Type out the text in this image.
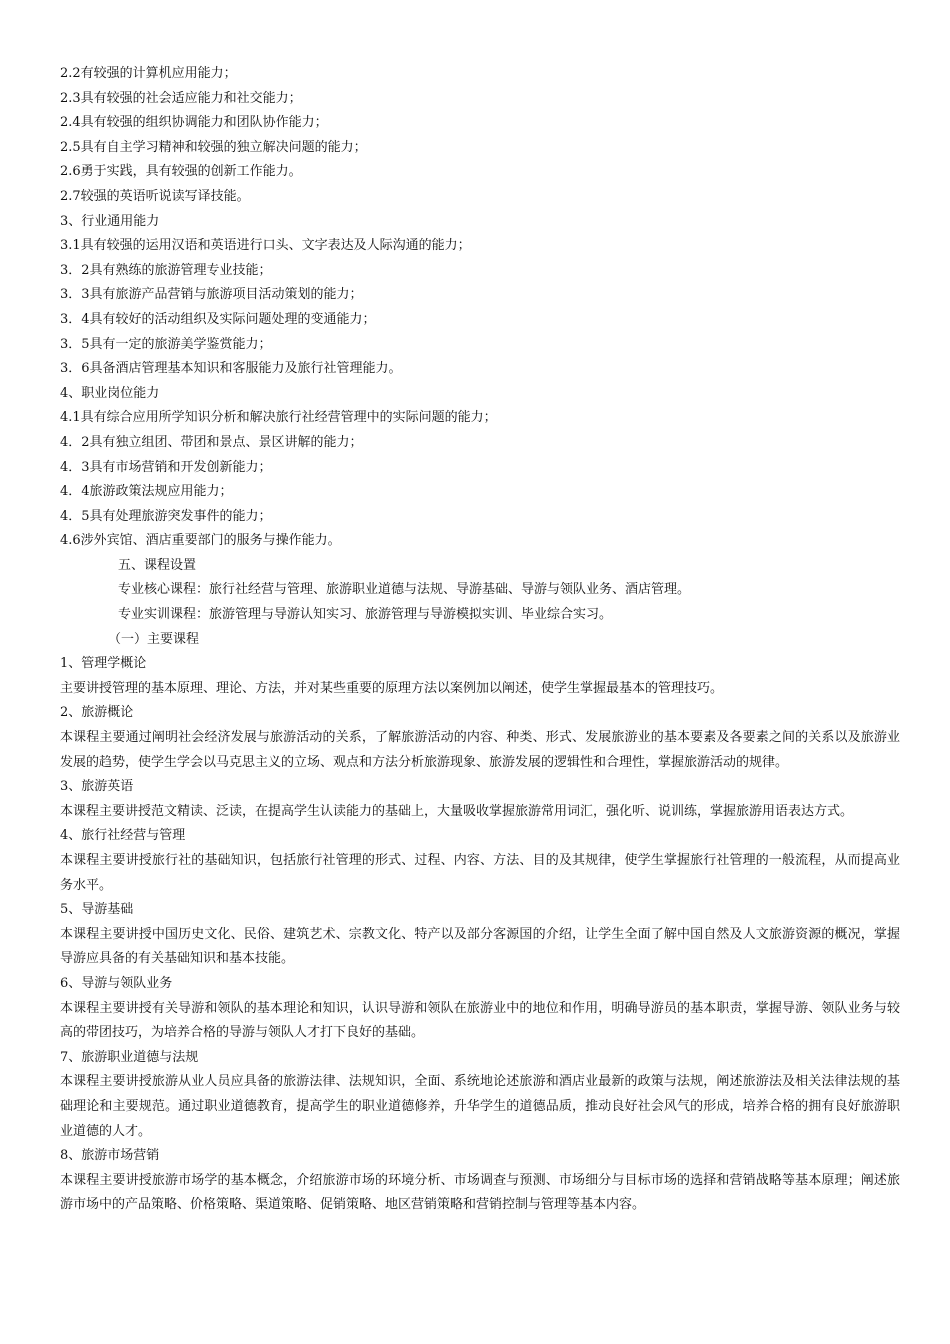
2.2有较强的计算机应用能力；

2.3具有较强的社会适应能力和社交能力；

2.4具有较强的组织协调能力和团队协作能力；

2.5具有自主学习精神和较强的独立解决问题的能力；

2.6勇于实践，具有较强的创新工作能力。

2.7较强的英语听说读写译技能。

3、行业通用能力

3.1具有较强的运用汉语和英语进行口头、文字表达及人际沟通的能力；

3．2具有熟练的旅游管理专业技能；

3．3具有旅游产品营销与旅游项目活动策划的能力；

3．4具有较好的活动组织及实际问题处理的变通能力；

3．5具有一定的旅游美学鉴赏能力；

3．6具备酒店管理基本知识和客服能力及旅行社管理能力。

4、职业岗位能力

4.1具有综合应用所学知识分析和解决旅行社经营管理中的实际问题的能力；

4．2具有独立组团、带团和景点、景区讲解的能力；

4．3具有市场营销和开发创新能力；

4．4旅游政策法规应用能力；

4．5具有处理旅游突发事件的能力；

4.6涉外宾馆、酒店重要部门的服务与操作能力。

五、课程设置

专业核心课程：旅行社经营与管理、旅游职业道德与法规、导游基础、导游与领队业务、酒店管理。

专业实训课程：旅游管理与导游认知实习、旅游管理与导游模拟实训、毕业综合实习。

（一）主要课程

1、管理学概论

主要讲授管理的基本原理、理论、方法，并对某些重要的原理方法以案例加以阐述，使学生掌握最基本的管理技巧。

2、旅游概论

本课程主要通过阐明社会经济发展与旅游活动的关系，了解旅游活动的内容、种类、形式、发展旅游业的基本要素及各要素之间的关系以及旅游业发展的趋势，使学生学会以马克思主义的立场、观点和方法分析旅游现象、旅游发展的逻辑性和合理性，掌握旅游活动的规律。

3、旅游英语

本课程主要讲授范文精读、泛读，在提高学生认读能力的基础上，大量吸收掌握旅游常用词汇，强化听、说训练，掌握旅游用语表达方式。

4、旅行社经营与管理

本课程主要讲授旅行社的基础知识，包括旅行社管理的形式、过程、内容、方法、目的及其规律，使学生掌握旅行社管理的一般流程，从而提高业务水平。

5、导游基础

本课程主要讲授中国历史文化、民俗、建筑艺术、宗教文化、特产以及部分客源国的介绍，让学生全面了解中国自然及人文旅游资源的概况，掌握导游应具备的有关基础知识和基本技能。

6、导游与领队业务

本课程主要讲授有关导游和领队的基本理论和知识，认识导游和领队在旅游业中的地位和作用，明确导游员的基本职责，掌握导游、领队业务与较高的带团技巧，为培养合格的导游与领队人才打下良好的基础。

7、旅游职业道德与法规

本课程主要讲授旅游从业人员应具备的旅游法律、法规知识，全面、系统地论述旅游和酒店业最新的政策与法规，阐述旅游法及相关法律法规的基础理论和主要规范。通过职业道德教育，提高学生的职业道德修养，升华学生的道德品质，推动良好社会风气的形成，培养合格的拥有良好旅游职业道德的人才。

8、旅游市场营销

本课程主要讲授旅游市场学的基本概念，介绍旅游市场的环境分析、市场调查与预测、市场细分与目标市场的选择和营销战略等基本原理；阐述旅游市场中的产品策略、价格策略、渠道策略、促销策略、地区营销策略和营销控制与管理等基本内容。
